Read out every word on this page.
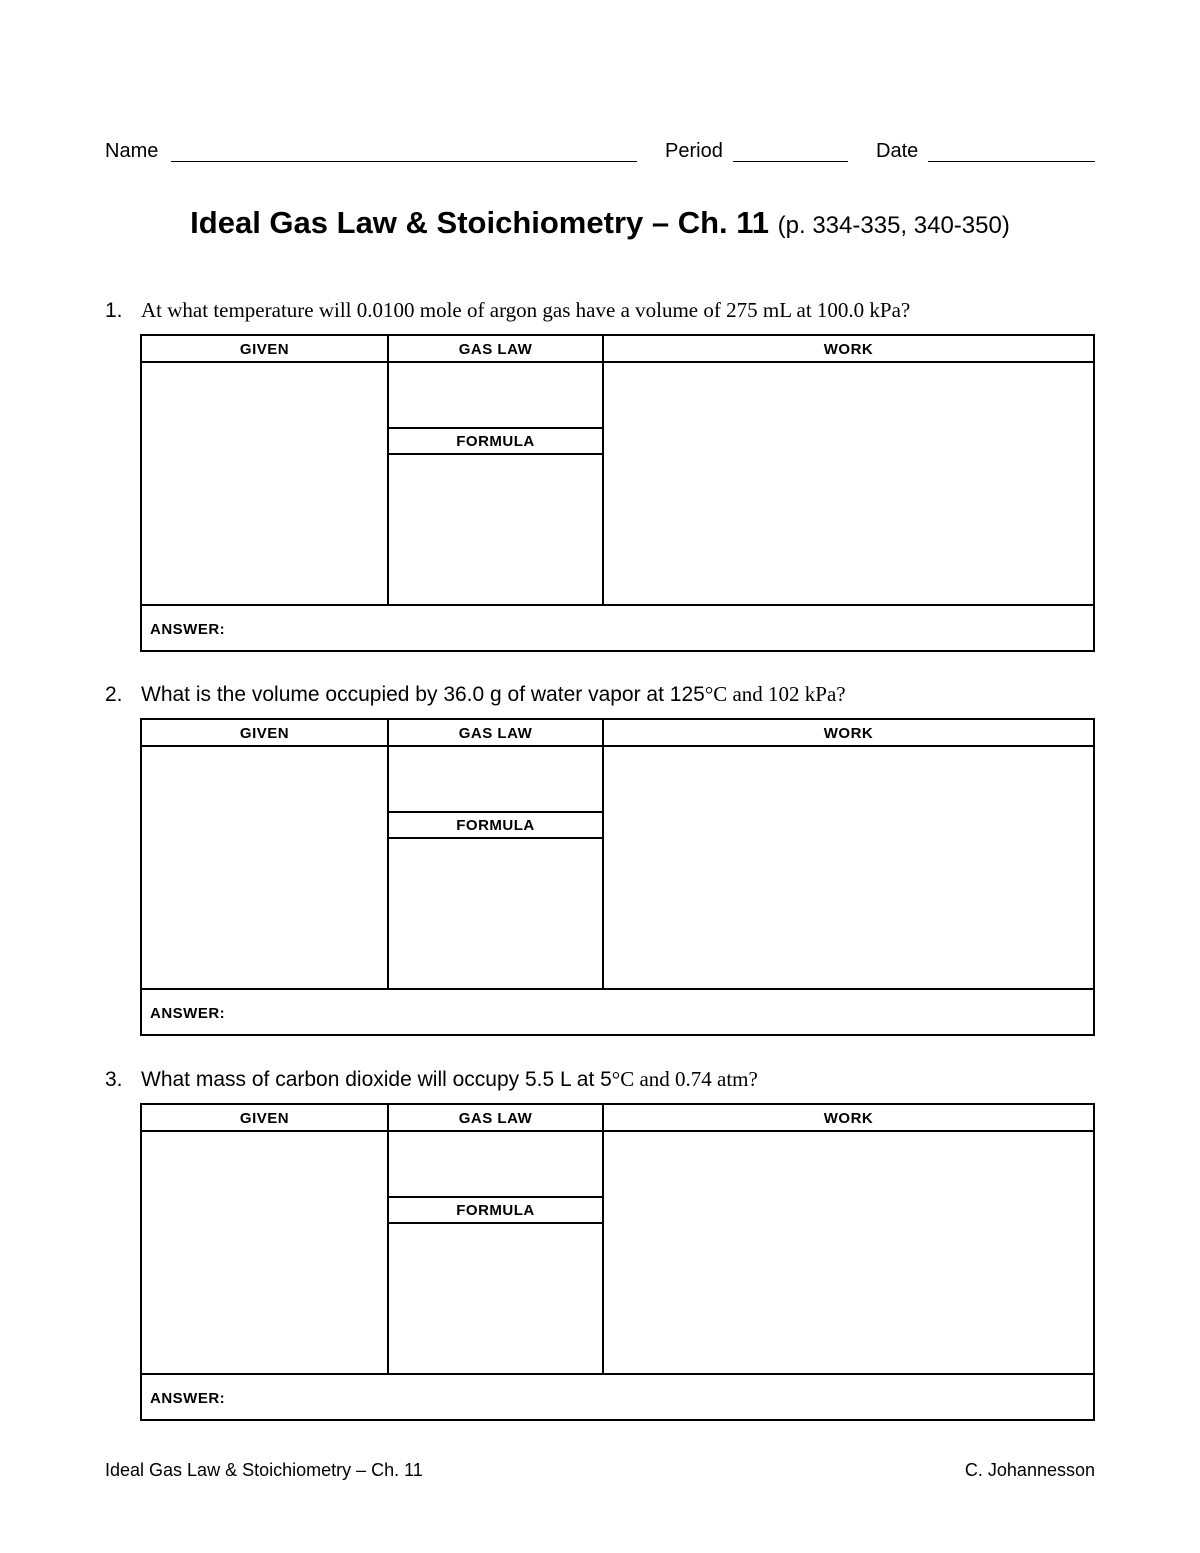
Name	Period	Date
Ideal Gas Law & Stoichiometry – Ch. 11 (p. 334-335, 340-350)
1. At what temperature will 0.0100 mole of argon gas have a volume of 275 mL at 100.0 kPa?
GIVEN	GAS LAW	WORK
FORMULA
ANSWER:
2. What is the volume occupied by 36.0 g of water vapor at 125°C and 102 kPa?
GIVEN	GAS LAW	WORK
FORMULA
ANSWER:
3. What mass of carbon dioxide will occupy 5.5 L at 5°C and 0.74 atm?
GIVEN	GAS LAW	WORK
FORMULA
ANSWER:
Ideal Gas Law & Stoichiometry – Ch. 11	C. Johannesson
